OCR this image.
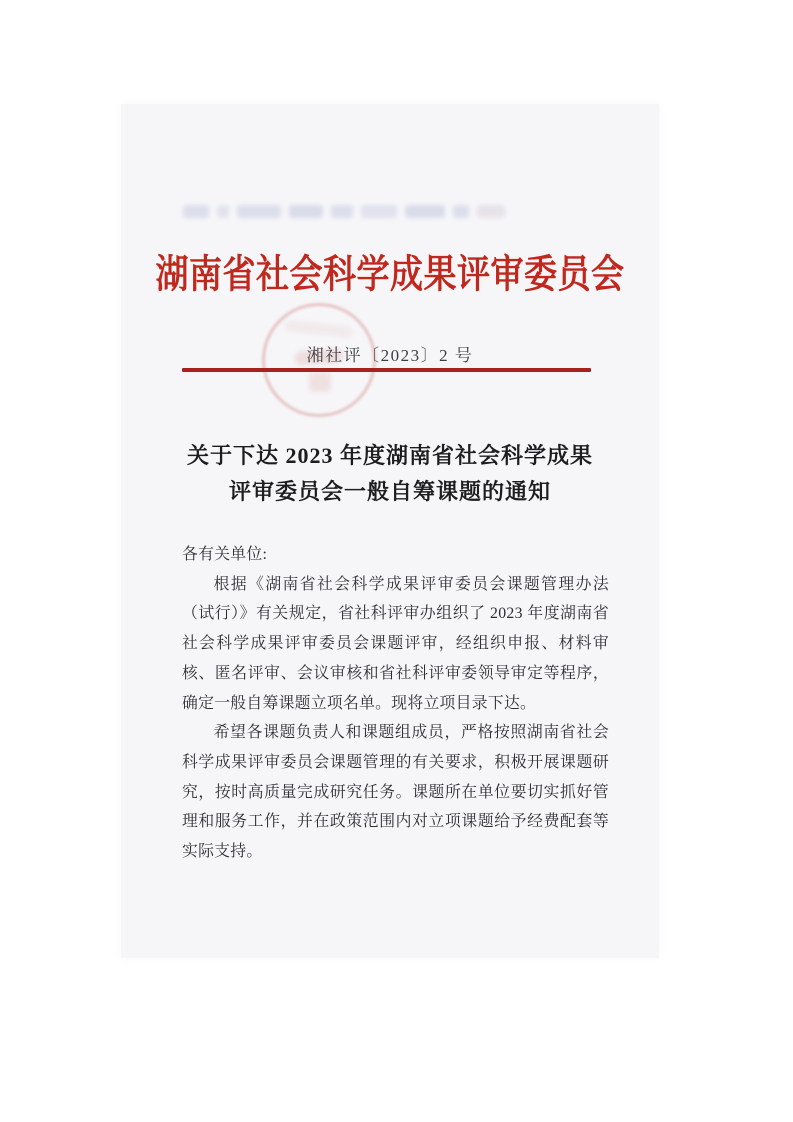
湖南省社会科学成果评审委员会
湘社评〔2023〕2 号
关于下达 2023 年度湖南省社会科学成果
评审委员会一般自筹课题的通知

各有关单位:

根据《湖南省社会科学成果评审委员会课题管理办法（试行）》有关规定，省社科评审办组织了 2023 年度湖南省社会科学成果评审委员会课题评审，经组织申报、材料审核、匿名评审、会议审核和省社科评审委领导审定等程序，确定一般自筹课题立项名单。现将立项目录下达。

希望各课题负责人和课题组成员，严格按照湖南省社会科学成果评审委员会课题管理的有关要求，积极开展课题研究，按时高质量完成研究任务。课题所在单位要切实抓好管理和服务工作，并在政策范围内对立项课题给予经费配套等实际支持。
